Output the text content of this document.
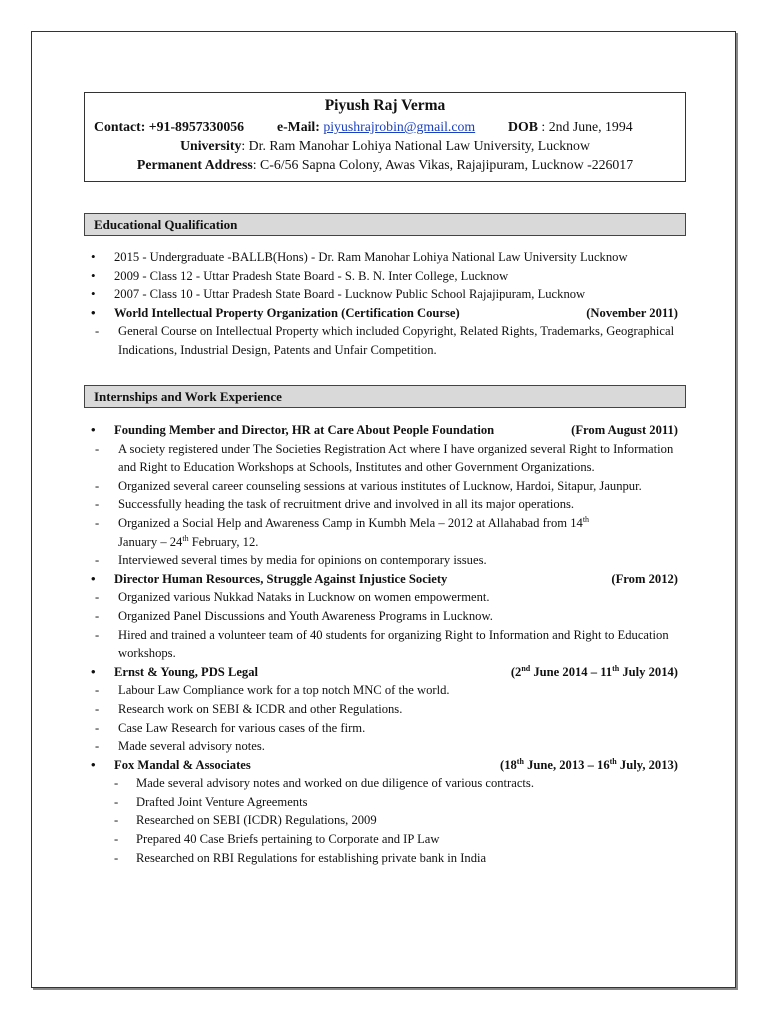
Piyush Raj Verma
Contact: +91-8957330056 e-Mail: piyushrajrobin@gmail.com DOB : 2nd June, 1994
University: Dr. Ram Manohar Lohiya National Law University, Lucknow
Permanent Address: C-6/56 Sapna Colony, Awas Vikas, Rajajipuram, Lucknow -226017
Educational Qualification
• 2015 - Undergraduate -BALLB(Hons) - Dr. Ram Manohar Lohiya National Law University Lucknow
• 2009 - Class 12 - Uttar Pradesh State Board - S. B. N. Inter College, Lucknow
• 2007 - Class 10 - Uttar Pradesh State Board - Lucknow Public School Rajajipuram, Lucknow
• World Intellectual Property Organization (Certification Course)	(November 2011)
- General Course on Intellectual Property which included Copyright, Related Rights, Trademarks, Geographical Indications, Industrial Design, Patents and Unfair Competition.
Internships and Work Experience
• Founding Member and Director, HR at Care About People Foundation	(From August 2011)
- A society registered under The Societies Registration Act where I have organized several Right to Information and Right to Education Workshops at Schools, Institutes and other Government Organizations.
- Organized several career counseling sessions at various institutes of Lucknow, Hardoi, Sitapur, Jaunpur.
- Successfully heading the task of recruitment drive and involved in all its major operations.
- Organized a Social Help and Awareness Camp in Kumbh Mela – 2012 at Allahabad from 14th
January – 24th February, 12.
- Interviewed several times by media for opinions on contemporary issues.
• Director Human Resources, Struggle Against Injustice Society	(From 2012)
- Organized various Nukkad Nataks in Lucknow on women empowerment.
- Organized Panel Discussions and Youth Awareness Programs in Lucknow.
- Hired and trained a volunteer team of 40 students for organizing Right to Information and Right to Education workshops.
• Ernst & Young, PDS Legal	(2nd June 2014 – 11th July 2014)
- Labour Law Compliance work for a top notch MNC of the world.
- Research work on SEBI & ICDR and other Regulations.
- Case Law Research for various cases of the firm.
- Made several advisory notes.
• Fox Mandal & Associates	(18th June, 2013 – 16th July, 2013)
- Made several advisory notes and worked on due diligence of various contracts.
- Drafted Joint Venture Agreements
- Researched on SEBI (ICDR) Regulations, 2009
- Prepared 40 Case Briefs pertaining to Corporate and IP Law
- Researched on RBI Regulations for establishing private bank in India
